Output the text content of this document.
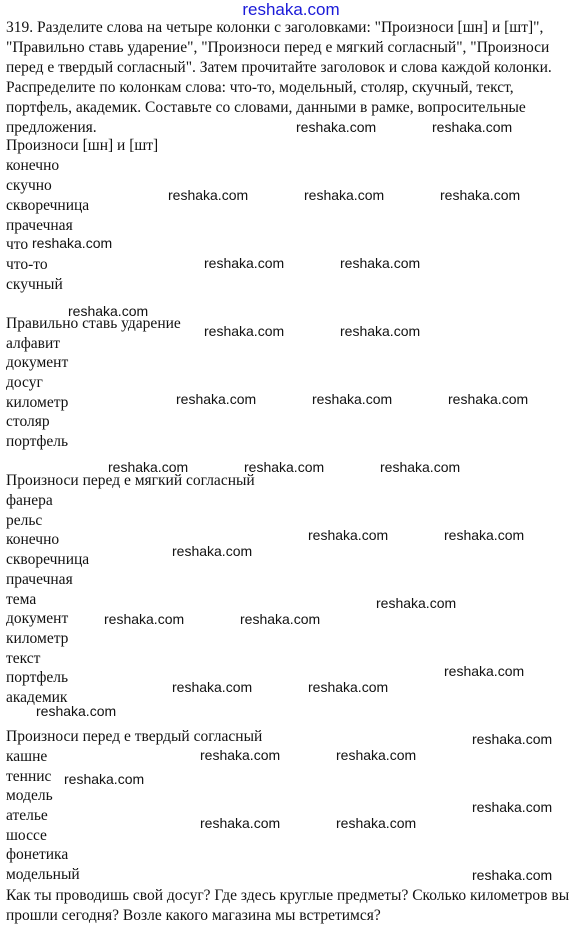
reshaka.com
319. Разделите слова на четыре колонки с заголовками: "Произноси [шн] и [шт]", "Правильно ставь ударение", "Произноси перед е мягкий согласный", "Произноси перед е твердый согласный". Затем прочитайте заголовок и слова каждой колонки. Распределите по колонкам слова: что-то, модельный, столяр, скучный, текст, портфель, академик. Составьте со словами, данными в рамке, вопросительные предложения.
Произноси [шн] и [шт]
конечно
скучно
скворечница
прачечная
что
что-то
скучный
Правильно ставь ударение
алфавит
документ
досуг
километр
столяр
портфель
Произноси перед е мягкий согласный
фанера
рельс
конечно
скворечница
прачечная
тема
документ
километр
текст
портфель
академик
Произноси перед е твердый согласный
кашне
теннис
модель
ателье
шоссе
фонетика
модельный
Как ты проводишь свой досуг? Где здесь круглые предметы? Сколько километров вы прошли сегодня? Возле какого магазина мы встретимся?
reshaka.com	reshaka.com
reshaka.com	reshaka.com	reshaka.com
reshaka.com
reshaka.com	reshaka.com
reshaka.com
reshaka.com	reshaka.com
reshaka.com	reshaka.com	reshaka.com
reshaka.com	reshaka.com	reshaka.com
reshaka.com	reshaka.com
reshaka.com
reshaka.com
reshaka.com	reshaka.com
reshaka.com
reshaka.com	reshaka.com
reshaka.com
reshaka.com
reshaka.com	reshaka.com
reshaka.com
reshaka.com
reshaka.com	reshaka.com
reshaka.com
